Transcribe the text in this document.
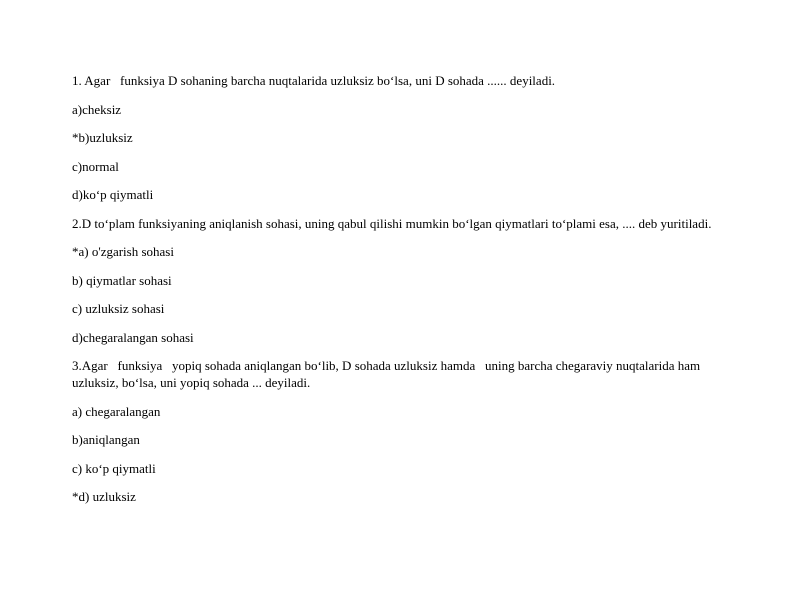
1. Agar   funksiya D sohaning barcha nuqtalarida uzluksiz bo‘lsa, uni D sohada ...... deyiladi.

a)cheksiz

*b)uzluksiz

c)normal

d)ko‘p qiymatli

2.D to‘plam funksiyaning aniqlanish sohasi, uning qabul qilishi mumkin bo‘lgan qiymatlari to‘plami esa, .... deb yuritiladi.

*a) o'zgarish sohasi

b) qiymatlar sohasi

c) uzluksiz sohasi

d)chegaralangan sohasi

3.Agar   funksiya   yopiq sohada aniqlangan bo‘lib, D sohada uzluksiz hamda   uning barcha chegaraviy nuqtalarida ham uzluksiz, bo‘lsa, uni yopiq sohada ... deyiladi.

a) chegaralangan

b)aniqlangan

c) ko‘p qiymatli

*d) uzluksiz
